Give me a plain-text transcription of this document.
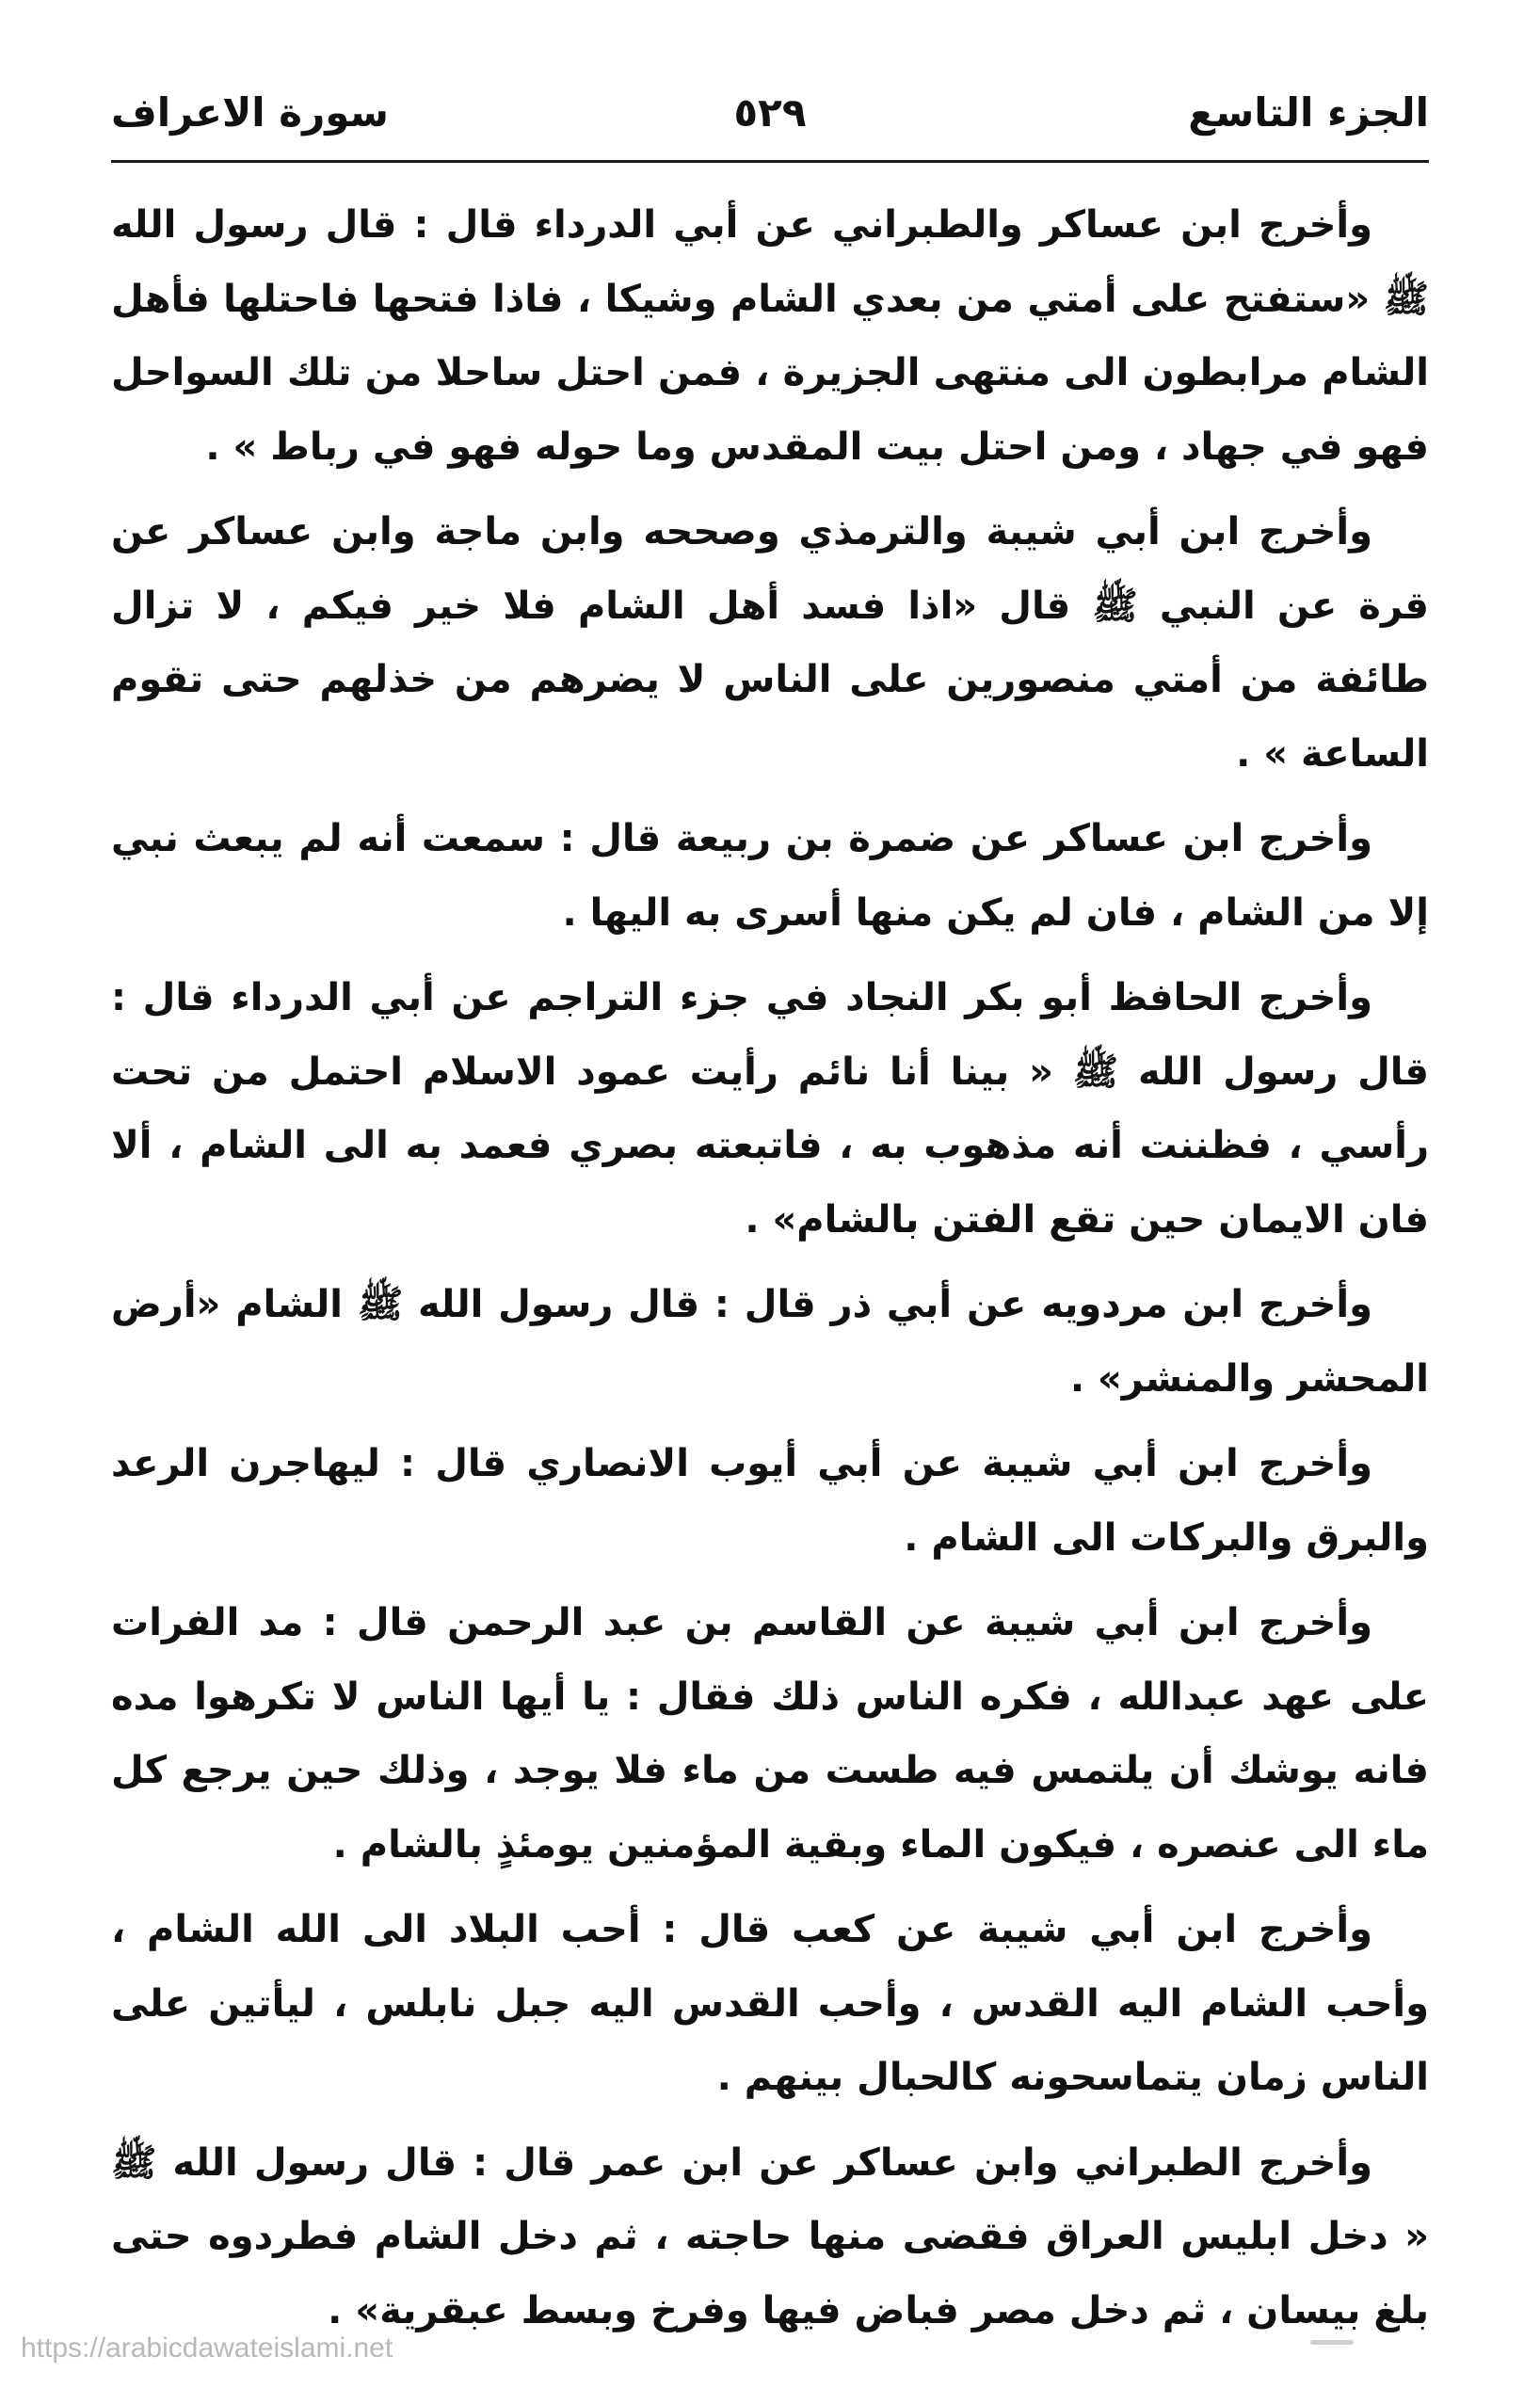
الجزء التاسع
٥٢٩
سورة الاعراف

وأخرج ابن عساكر والطبراني عن أبي الدرداء قال : قال رسول الله ﷺ «ستفتح على أمتي من بعدي الشام وشيكا ، فاذا فتحها فاحتلها فأهل الشام مرابطون الى منتهى الجزيرة ، فمن احتل ساحلا من تلك السواحل فهو في جهاد ، ومن احتل بيت المقدس وما حوله فهو في رباط » .

وأخرج ابن أبي شيبة والترمذي وصححه وابن ماجة وابن عساكر عن قرة عن النبي ﷺ قال «اذا فسد أهل الشام فلا خير فيكم ، لا تزال طائفة من أمتي منصورين على الناس لا يضرهم من خذلهم حتى تقوم الساعة » .

وأخرج ابن عساكر عن ضمرة بن ربيعة قال : سمعت أنه لم يبعث نبي إلا من الشام ، فان لم يكن منها أسرى به اليها .

وأخرج الحافظ أبو بكر النجاد في جزء التراجم عن أبي الدرداء قال : قال رسول الله ﷺ « بينا أنا نائم رأيت عمود الاسلام احتمل من تحت رأسي ، فظننت أنه مذهوب به ، فاتبعته بصري فعمد به الى الشام ، ألا فان الايمان حين تقع الفتن بالشام» .

وأخرج ابن مردويه عن أبي ذر قال : قال رسول الله ﷺ الشام «أرض المحشر والمنشر» .

وأخرج ابن أبي شيبة عن أبي أيوب الانصاري قال : ليهاجرن الرعد والبرق والبركات الى الشام .

وأخرج ابن أبي شيبة عن القاسم بن عبد الرحمن قال : مد الفرات على عهد عبدالله ، فكره الناس ذلك فقال : يا أيها الناس لا تكرهوا مده فانه يوشك أن يلتمس فيه طست من ماء فلا يوجد ، وذلك حين يرجع كل ماء الى عنصره ، فيكون الماء وبقية المؤمنين يومئذٍ بالشام .

وأخرج ابن أبي شيبة عن كعب قال : أحب البلاد الى الله الشام ، وأحب الشام اليه القدس ، وأحب القدس اليه جبل نابلس ، ليأتين على الناس زمان يتماسحونه كالحبال بينهم .

وأخرج الطبراني وابن عساكر عن ابن عمر قال : قال رسول الله ﷺ « دخل ابليس العراق فقضى منها حاجته ، ثم دخل الشام فطردوه حتى بلغ بيسان ، ثم دخل مصر فباض فيها وفرخ وبسط عبقرية» .

https://arabicdawateislami.net
